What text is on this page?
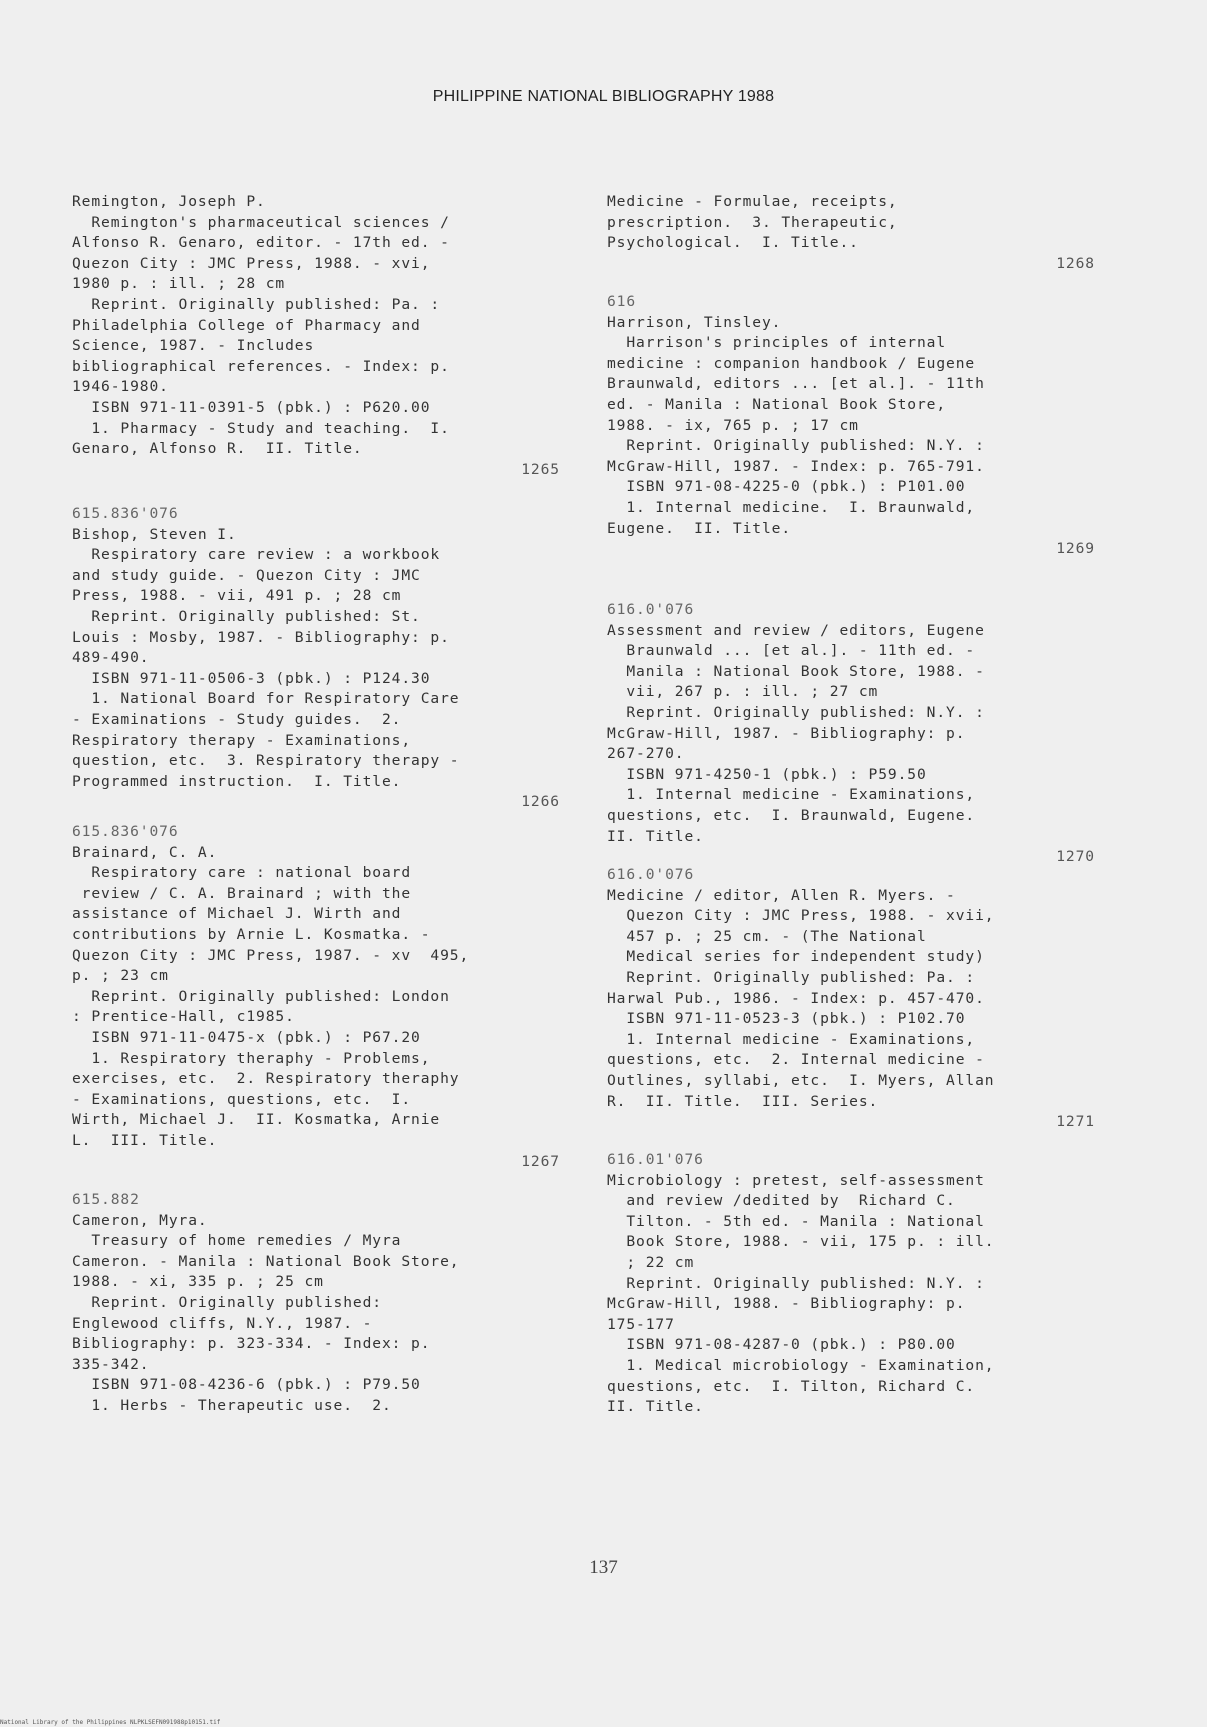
PHILIPPINE NATIONAL BIBLIOGRAPHY 1988
Remington, Joseph P.
Remington's pharmaceutical sciences /
Alfonso R. Genaro, editor. - 17th ed. -
Quezon City : JMC Press, 1988. - xvi,
1980 p. : ill. ; 28 cm
Reprint. Originally published: Pa. :
Philadelphia College of Pharmacy and
Science, 1987. - Includes
bibliographical references. - Index: p.
1946-1980.
ISBN 971-11-0391-5 (pbk.) : P620.00
1. Pharmacy - Study and teaching.  I.
Genaro, Alfonso R.  II. Title.
1265
615.836'076
Bishop, Steven I.
Respiratory care review : a workbook
and study guide. - Quezon City : JMC
Press, 1988. - vii, 491 p. ; 28 cm
Reprint. Originally published: St.
Louis : Mosby, 1987. - Bibliography: p.
489-490.
ISBN 971-11-0506-3 (pbk.) : P124.30
1. National Board for Respiratory Care
- Examinations - Study guides.  2.
Respiratory therapy - Examinations,
question, etc.  3. Respiratory therapy -
Programmed instruction.  I. Title.
1266
615.836'076
Brainard, C. A.
Respiratory care : national board
review / C. A. Brainard ; with the
assistance of Michael J. Wirth and
contributions by Arnie L. Kosmatka. -
Quezon City : JMC Press, 1987. - xv  495,
p. ; 23 cm
Reprint. Originally published: London
: Prentice-Hall, c1985.
ISBN 971-11-0475-x (pbk.) : P67.20
1. Respiratory theraphy - Problems,
exercises, etc.  2. Respiratory theraphy
- Examinations, questions, etc.  I.
Wirth, Michael J.  II. Kosmatka, Arnie
L.  III. Title.
1267
615.882
Cameron, Myra.
Treasury of home remedies / Myra
Cameron. - Manila : National Book Store,
1988. - xi, 335 p. ; 25 cm
Reprint. Originally published:
Englewood cliffs, N.Y., 1987. -
Bibliography: p. 323-334. - Index: p.
335-342.
ISBN 971-08-4236-6 (pbk.) : P79.50
1. Herbs - Therapeutic use.  2.
Medicine - Formulae, receipts,
prescription.  3. Therapeutic,
Psychological.  I. Title..
1268
616
Harrison, Tinsley.
Harrison's principles of internal
medicine : companion handbook / Eugene
Braunwald, editors ... [et al.]. - 11th
ed. - Manila : National Book Store,
1988. - ix, 765 p. ; 17 cm
Reprint. Originally published: N.Y. :
McGraw-Hill, 1987. - Index: p. 765-791.
ISBN 971-08-4225-0 (pbk.) : P101.00
1. Internal medicine.  I. Braunwald,
Eugene.  II. Title.
1269
616.0'076
Assessment and review / editors, Eugene
Braunwald ... [et al.]. - 11th ed. -
Manila : National Book Store, 1988. -
vii, 267 p. : ill. ; 27 cm
Reprint. Originally published: N.Y. :
McGraw-Hill, 1987. - Bibliography: p.
267-270.
ISBN 971-4250-1 (pbk.) : P59.50
1. Internal medicine - Examinations,
questions, etc.  I. Braunwald, Eugene.
II. Title.
1270
616.0'076
Medicine / editor, Allen R. Myers. -
Quezon City : JMC Press, 1988. - xvii,
457 p. ; 25 cm. - (The National
Medical series for independent study)
Reprint. Originally published: Pa. :
Harwal Pub., 1986. - Index: p. 457-470.
ISBN 971-11-0523-3 (pbk.) : P102.70
1. Internal medicine - Examinations,
questions, etc.  2. Internal medicine -
Outlines, syllabi, etc.  I. Myers, Allan
R.  II. Title.  III. Series.
1271
616.01'076
Microbiology : pretest, self-assessment
and review /dedited by  Richard C.
Tilton. - 5th ed. - Manila : National
Book Store, 1988. - vii, 175 p. : ill.
; 22 cm
Reprint. Originally published: N.Y. :
McGraw-Hill, 1988. - Bibliography: p.
175-177
ISBN 971-08-4287-0 (pbk.) : P80.00
1. Medical microbiology - Examination,
questions, etc.  I. Tilton, Richard C.
II. Title.
137
National Library of the Philippines NLPKLSEFN091988p10151.tif
